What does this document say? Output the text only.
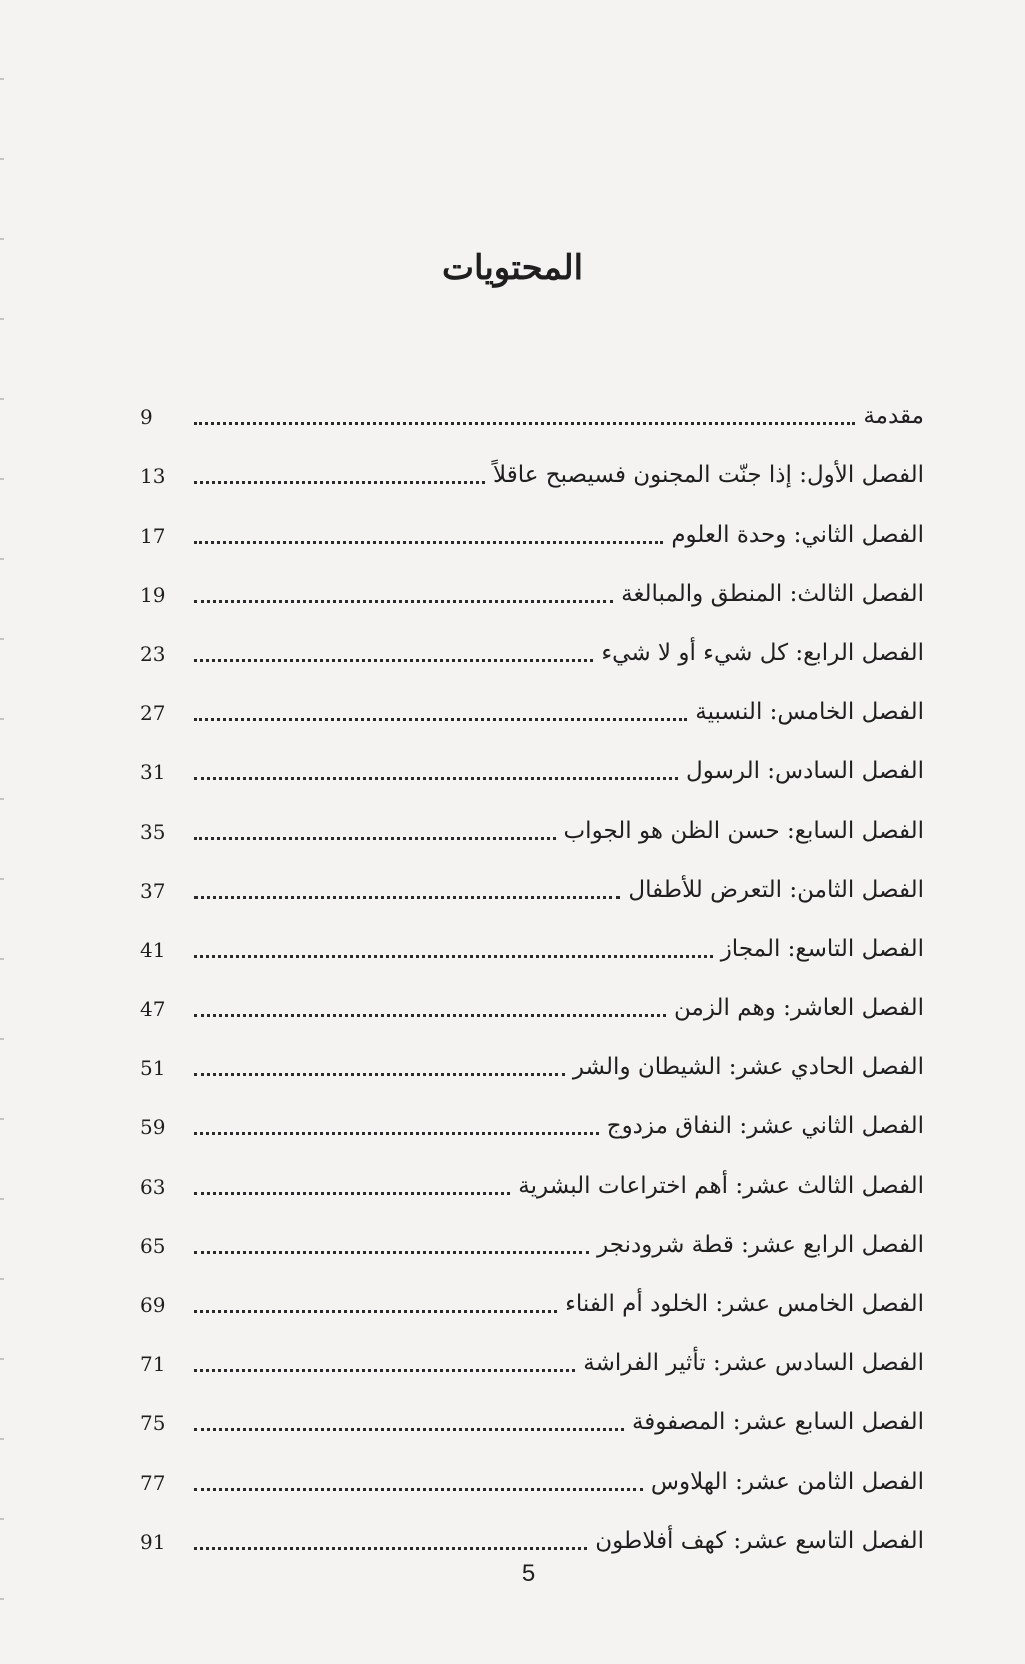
المحتويات
مقدمة
9
الفصل الأول: إذا جنّت المجنون فسيصبح عاقلاً
13
الفصل الثاني: وحدة العلوم
17
الفصل الثالث: المنطق والمبالغة
19
الفصل الرابع: كل شيء أو لا شيء
23
الفصل الخامس: النسبية
27
الفصل السادس: الرسول
31
الفصل السابع: حسن الظن هو الجواب
35
الفصل الثامن: التعرض للأطفال
37
الفصل التاسع: المجاز
41
الفصل العاشر: وهم الزمن
47
الفصل الحادي عشر: الشيطان والشر
51
الفصل الثاني عشر: النفاق مزدوج
59
الفصل الثالث عشر: أهم اختراعات البشرية
63
الفصل الرابع عشر: قطة شرودنجر
65
الفصل الخامس عشر: الخلود أم الفناء
69
الفصل السادس عشر: تأثير الفراشة
71
الفصل السابع عشر: المصفوفة
75
الفصل الثامن عشر: الهلاوس
77
الفصل التاسع عشر: كهف أفلاطون
91
5
